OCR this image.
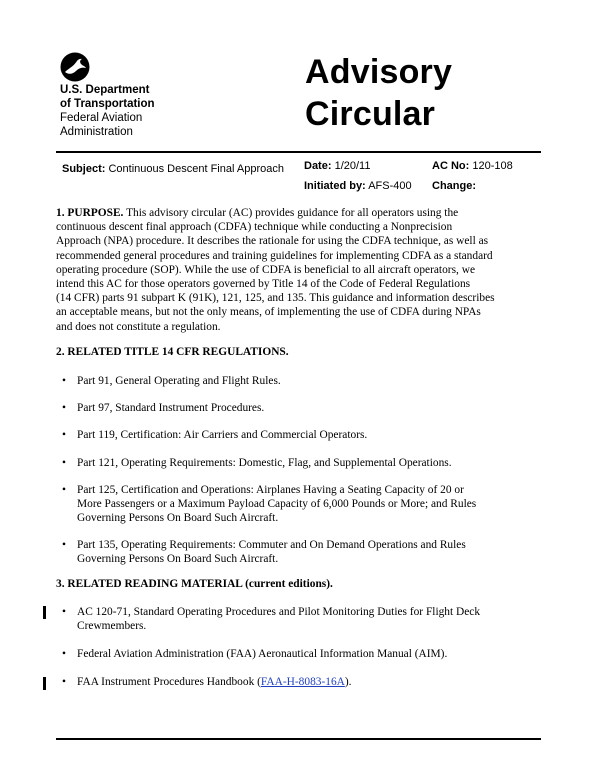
U.S. Department
of Transportation
Federal Aviation
Administration
Advisory
Circular
Subject: Continuous Descent Final Approach Date: 1/20/11	AC No: 120-108
Initiated by: AFS-400 Change:
1. PURPOSE. This advisory circular (AC) provides guidance for all operators using the
continuous descent final approach (CDFA) technique while conducting a Nonprecision
Approach (NPA) procedure. It describes the rationale for using the CDFA technique, as well as
recommended general procedures and training guidelines for implementing CDFA as a standard
operating procedure (SOP). While the use of CDFA is beneficial to all aircraft operators, we
intend this AC for those operators governed by Title 14 of the Code of Federal Regulations
(14 CFR) parts 91 subpart K (91K), 121, 125, and 135. This guidance and information describes
an acceptable means, but not the only means, of implementing the use of CDFA during NPAs
and does not constitute a regulation.
2. RELATED TITLE 14 CFR REGULATIONS.
• Part 91, General Operating and Flight Rules.
• Part 97, Standard Instrument Procedures.
• Part 119, Certification: Air Carriers and Commercial Operators.
• Part 121, Operating Requirements: Domestic, Flag, and Supplemental Operations.
• Part 125, Certification and Operations: Airplanes Having a Seating Capacity of 20 or
More Passengers or a Maximum Payload Capacity of 6,000 Pounds or More; and Rules
Governing Persons On Board Such Aircraft.
• Part 135, Operating Requirements: Commuter and On Demand Operations and Rules
Governing Persons On Board Such Aircraft.
3. RELATED READING MATERIAL (current editions).
• AC 120-71, Standard Operating Procedures and Pilot Monitoring Duties for Flight Deck
Crewmembers.
• Federal Aviation Administration (FAA) Aeronautical Information Manual (AIM).
• FAA Instrument Procedures Handbook (FAA-H-8083-16A).
